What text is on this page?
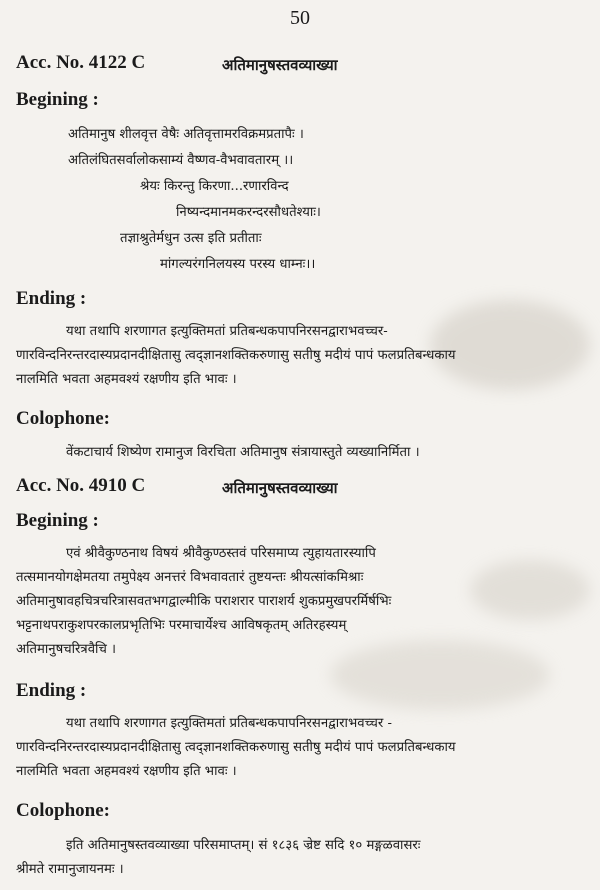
50
Acc. No. 4122 C	अतिमानुषस्तवव्याख्या
Begining :
अतिमानुष शीलवृत्त वेषैः अतिवृत्तामरविक्रमप्रतापैः ।
अतिलंघितसर्वालोकसाम्यं वैष्णव-वैभवावतारम् ।।
श्रेयः किरन्तु किरणा...रणारविन्द
निष्यन्दमानमकरन्दरसौधतेश्याः।
तज्ञाश्रुतेर्मधुन उत्स इति प्रतीताः
मांगल्यरंगनिलयस्य परस्य धाम्नः।।
Ending :
यथा तथापि शरणागत इत्युक्तिमतां प्रतिबन्धकपापनिरसनद्वाराभवच्चर-
णारविन्दनिरन्तरदास्यप्रदानदीक्षितासु त्वद्ज्ञानशक्तिकरुणासु सतीषु मदीयं पापं फलप्रतिबन्धकाय
नालमिति भवता अहमवश्यं रक्षणीय इति भावः ।
Colophone:
वेंकटाचार्य शिष्येण रामानुज विरचिता अतिमानुष संत्रायास्तुते व्यख्यानिर्मिता ।
Acc. No. 4910 C	अतिमानुषस्तवव्याख्या
Begining :
एवं श्रीवैकुण्ठनाथ विषयं श्रीवैकुण्ठस्तवं परिसमाप्य त्युहायतारस्यापि
तत्समानयोगक्षेमतया तमुपेक्ष्य अनत्तरं विभवावतारं तुष्टयन्तः श्रीयत्सांकमिश्राः
अतिमानुषावहचित्रचरित्रासवतभगद्वाल्मीकि पराशरार पाराशर्य शुकप्रमुखपरर्मिर्षभिः
भट्टनाथपराकुशपरकालप्रभृतिभिः परमाचार्येश्च आविषकृतम् अतिरहस्यम्
अतिमानुषचरित्रवैचि ।
Ending :
यथा तथापि शरणागत इत्युक्तिमतां प्रतिबन्धकपापनिरसनद्वाराभवच्चर -
णारविन्दनिरन्तरदास्यप्रदानदीक्षितासु त्वद्ज्ञानशक्तिकरुणासु सतीषु मदीयं पापं फलप्रतिबन्धकाय
नालमिति भवता अहमवश्यं रक्षणीय इति भावः ।
Colophone:
इति अतिमानुषस्तवव्याख्या परिसमाप्तम्। सं १८३६ ज्रेष्ट सदि १० मङ्गळवासरः
श्रीमते रामानुजायनमः ।
